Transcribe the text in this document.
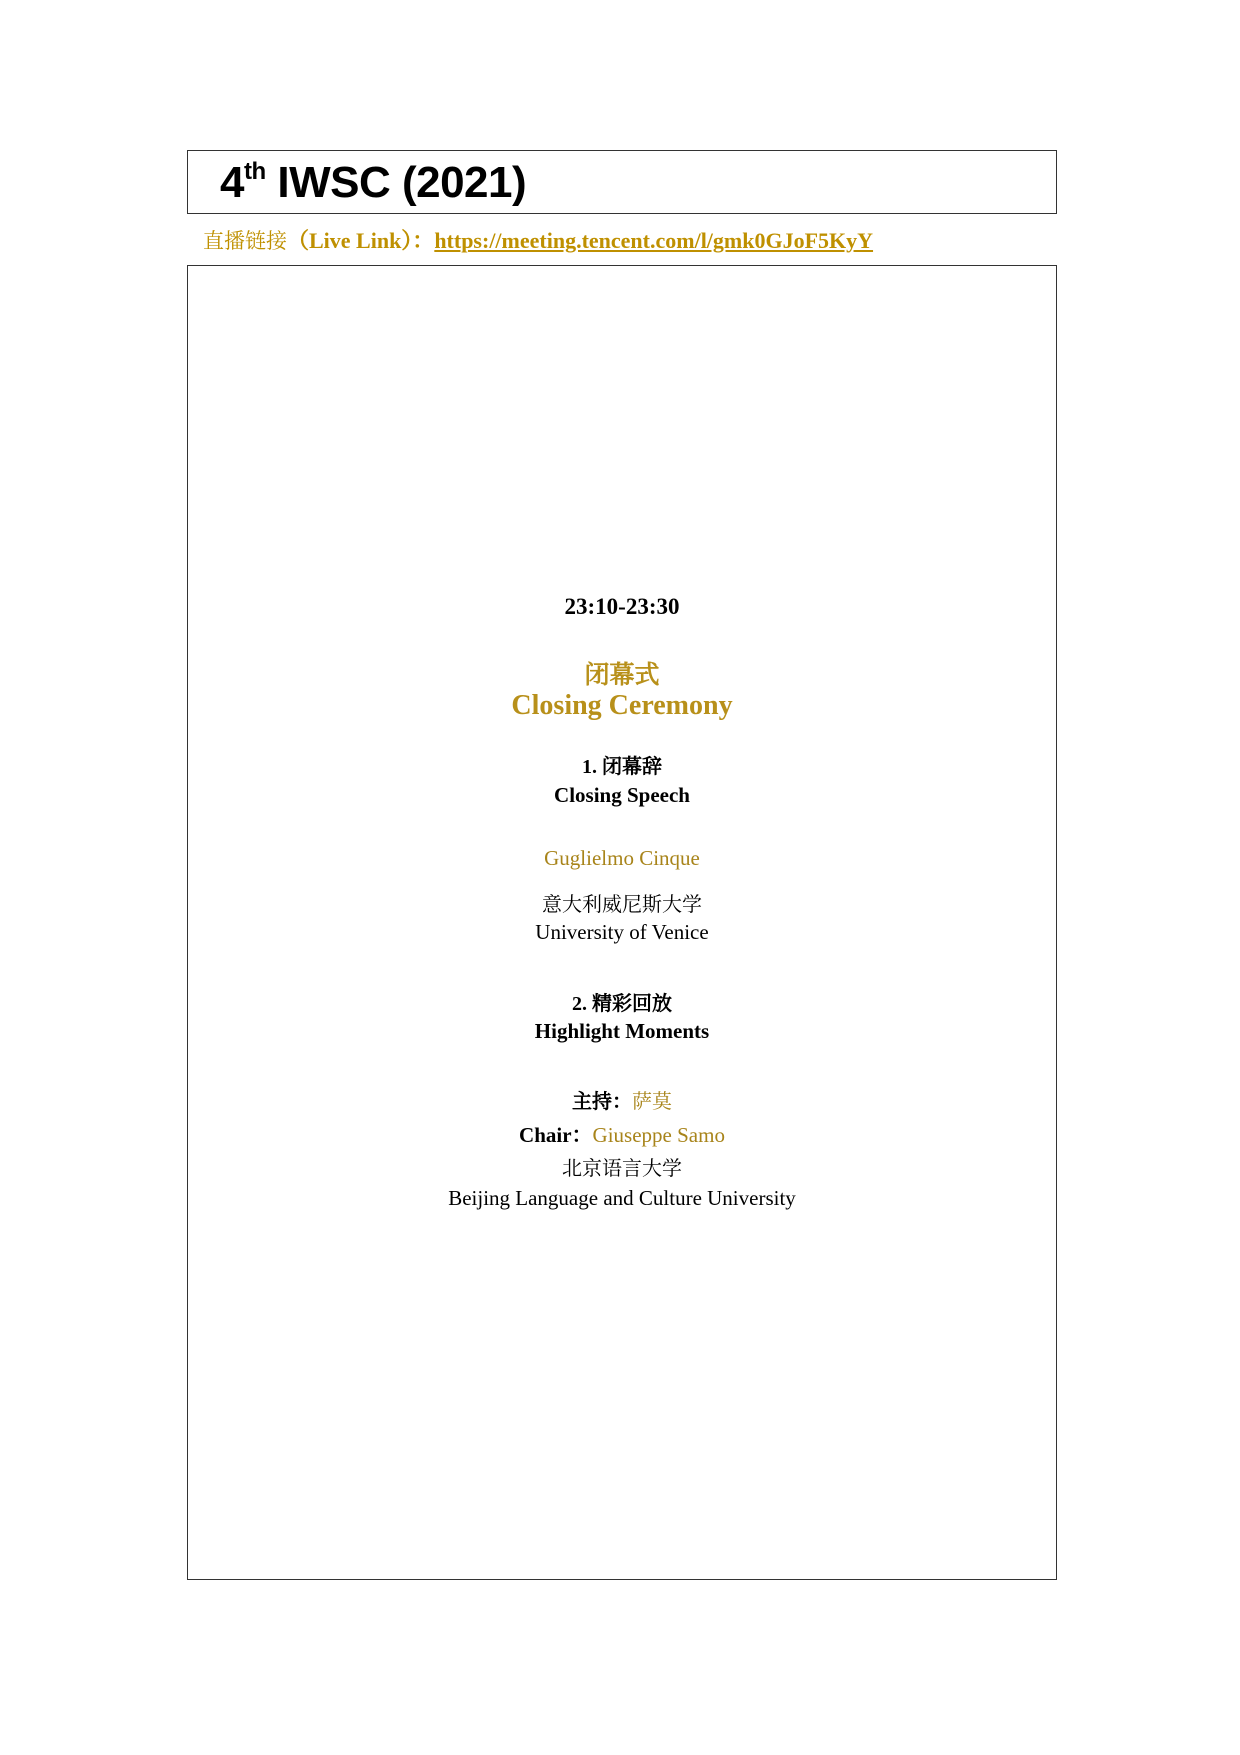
4th IWSC (2021)
直播链接（Live Link）：https://meeting.tencent.com/l/gmk0GJoF5KyY
23:10-23:30
闭幕式
Closing Ceremony
1. 闭幕辞
Closing Speech
Guglielmo Cinque
意大利威尼斯大学
University of Venice
2. 精彩回放
Highlight Moments
主持：萨莫
Chair：Giuseppe Samo
北京语言大学
Beijing Language and Culture University
